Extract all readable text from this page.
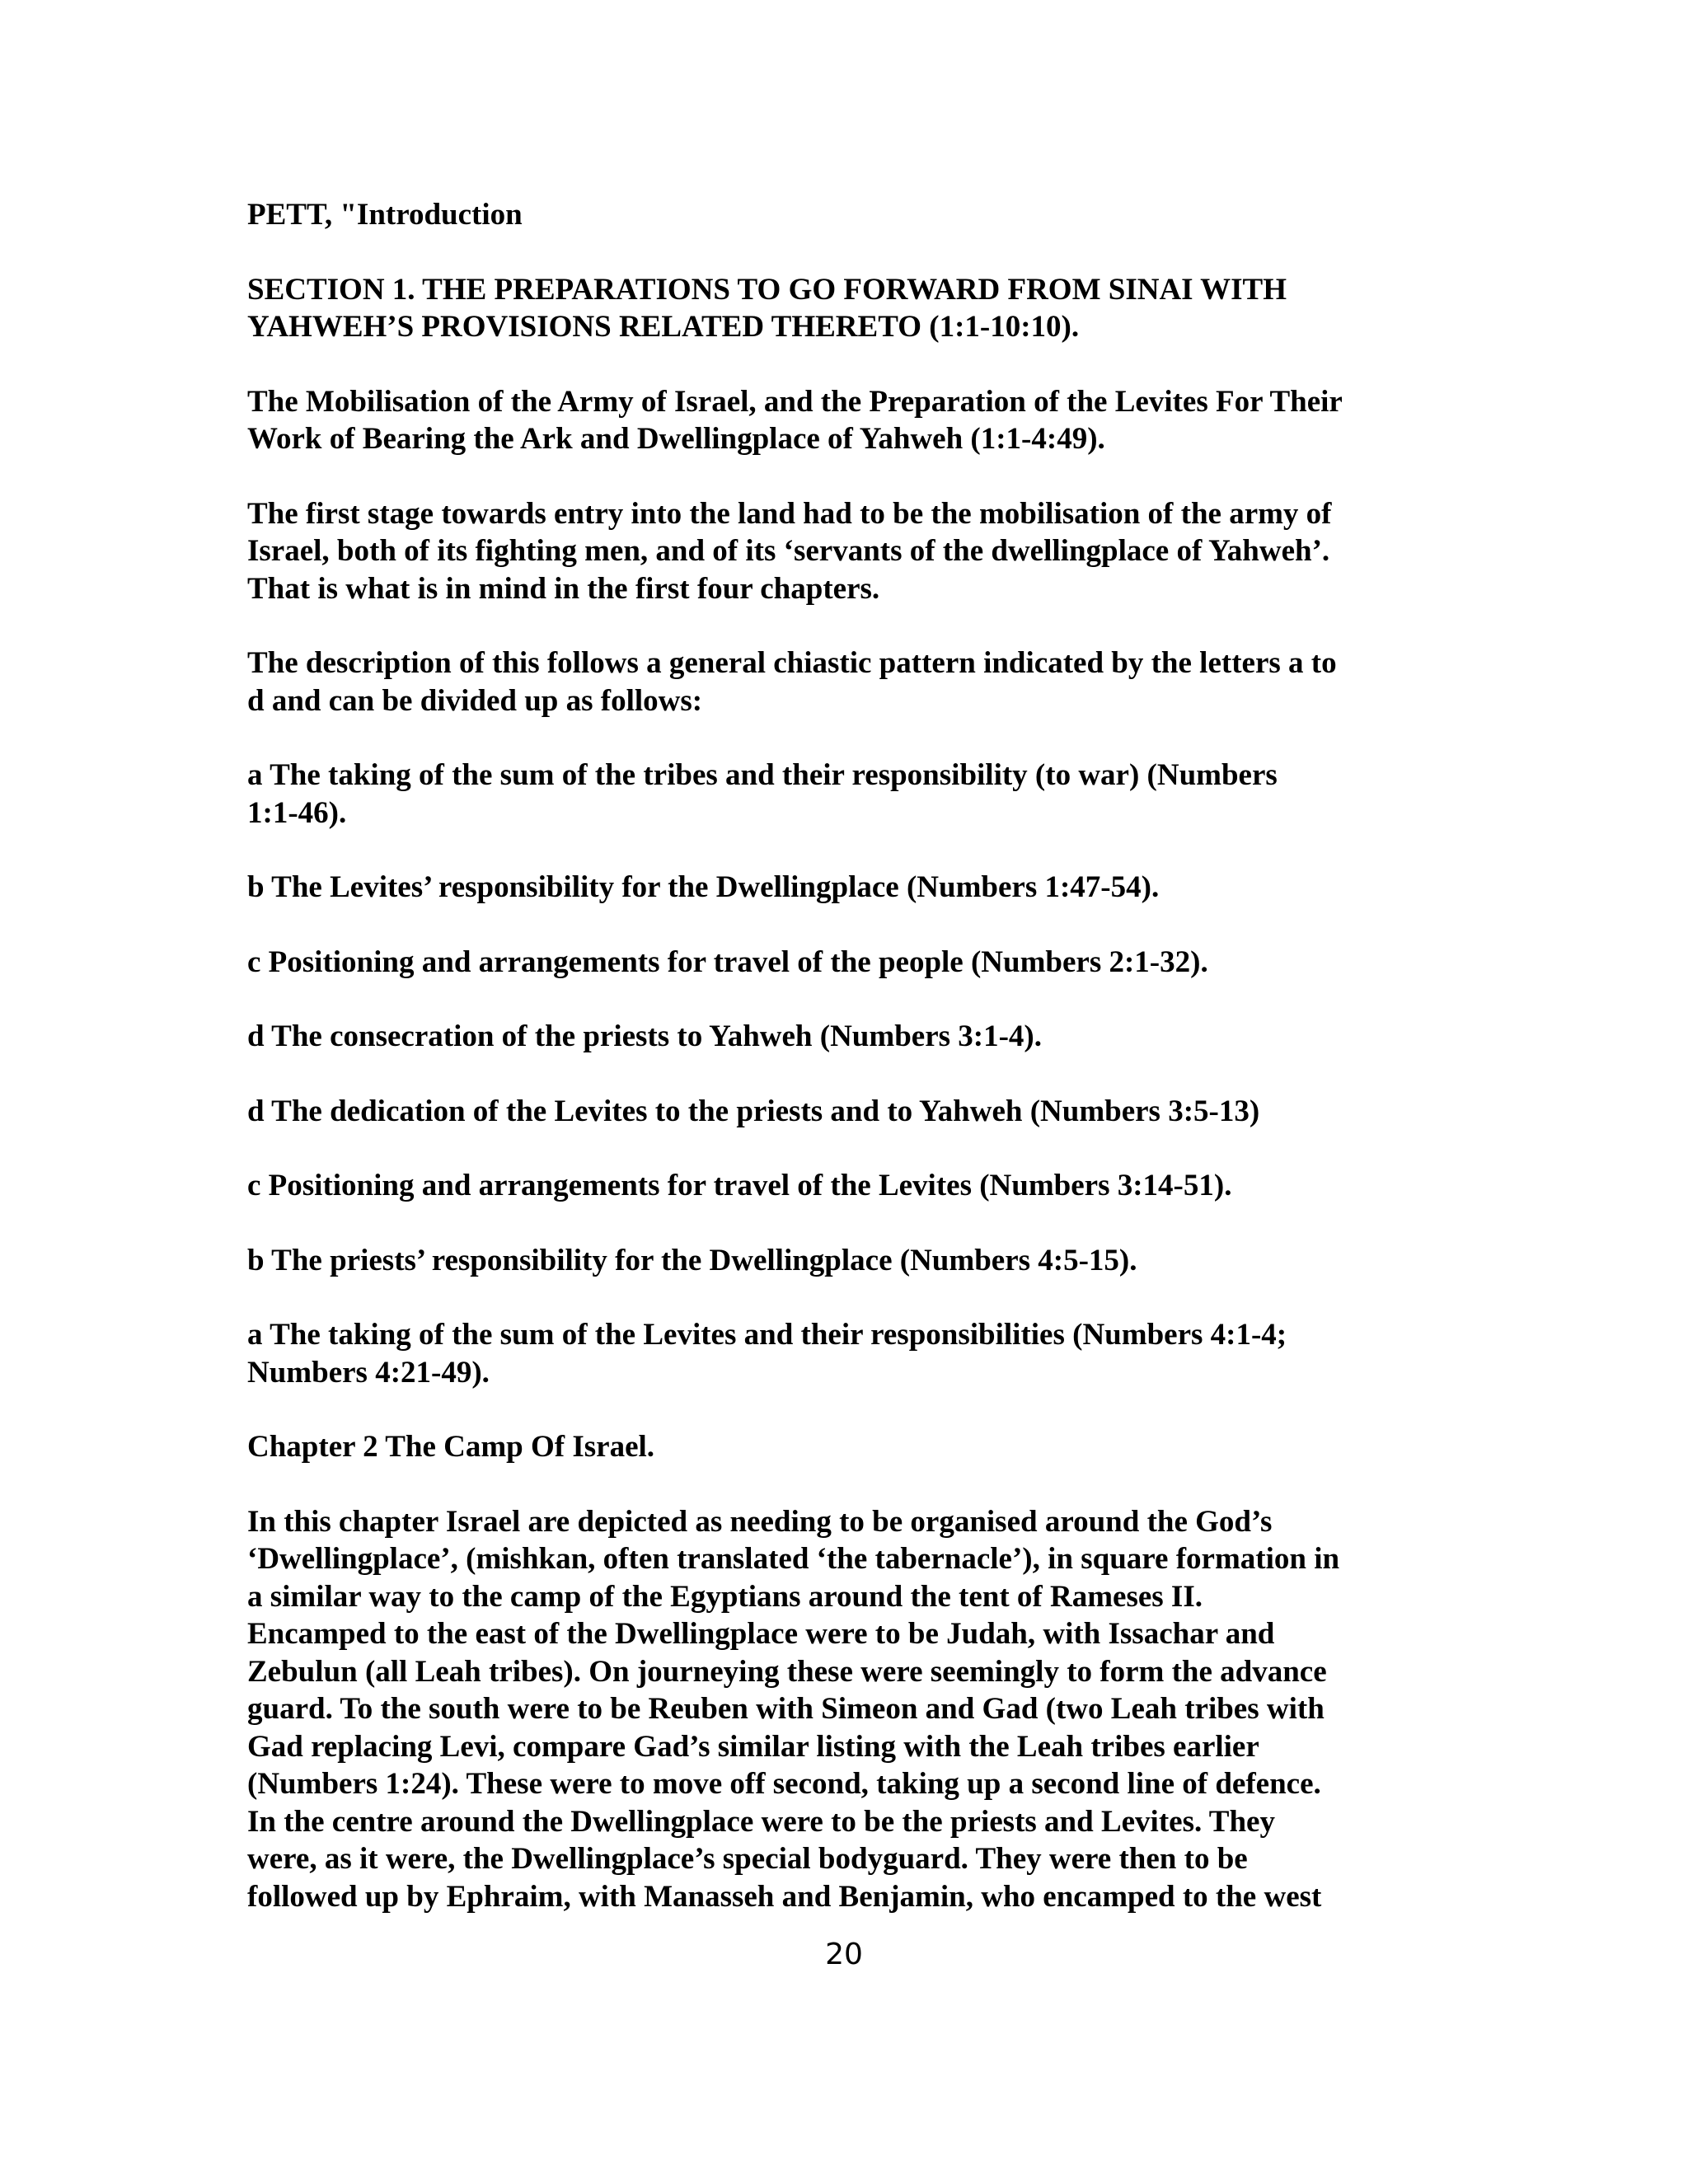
PETT, "Introduction

SECTION 1. THE PREPARATIONS TO GO FORWARD FROM SINAI WITH
YAHWEH’S PROVISIONS RELATED THERETO (1:1-10:10).

The Mobilisation of the Army of Israel, and the Preparation of the Levites For Their
Work of Bearing the Ark and Dwellingplace of Yahweh (1:1-4:49).

The first stage towards entry into the land had to be the mobilisation of the army of
Israel, both of its fighting men, and of its ‘servants of the dwellingplace of Yahweh’.
That is what is in mind in the first four chapters.

The description of this follows a general chiastic pattern indicated by the letters a to
d and can be divided up as follows:

a The taking of the sum of the tribes and their responsibility (to war) (Numbers
1:1-46).

b The Levites’ responsibility for the Dwellingplace (Numbers 1:47-54).

c Positioning and arrangements for travel of the people (Numbers 2:1-32).

d The consecration of the priests to Yahweh (Numbers 3:1-4).

d The dedication of the Levites to the priests and to Yahweh (Numbers 3:5-13)

c Positioning and arrangements for travel of the Levites (Numbers 3:14-51).

b The priests’ responsibility for the Dwellingplace (Numbers 4:5-15).

a The taking of the sum of the Levites and their responsibilities (Numbers 4:1-4;
Numbers 4:21-49).

Chapter 2 The Camp Of Israel.

In this chapter Israel are depicted as needing to be organised around the God’s
‘Dwellingplace’, (mishkan, often translated ‘the tabernacle’), in square formation in
a similar way to the camp of the Egyptians around the tent of Rameses II.
Encamped to the east of the Dwellingplace were to be Judah, with Issachar and
Zebulun (all Leah tribes). On journeying these were seemingly to form the advance
guard. To the south were to be Reuben with Simeon and Gad (two Leah tribes with
Gad replacing Levi, compare Gad’s similar listing with the Leah tribes earlier
(Numbers 1:24). These were to move off second, taking up a second line of defence.
In the centre around the Dwellingplace were to be the priests and Levites. They
were, as it were, the Dwellingplace’s special bodyguard. They were then to be
followed up by Ephraim, with Manasseh and Benjamin, who encamped to the west

20
